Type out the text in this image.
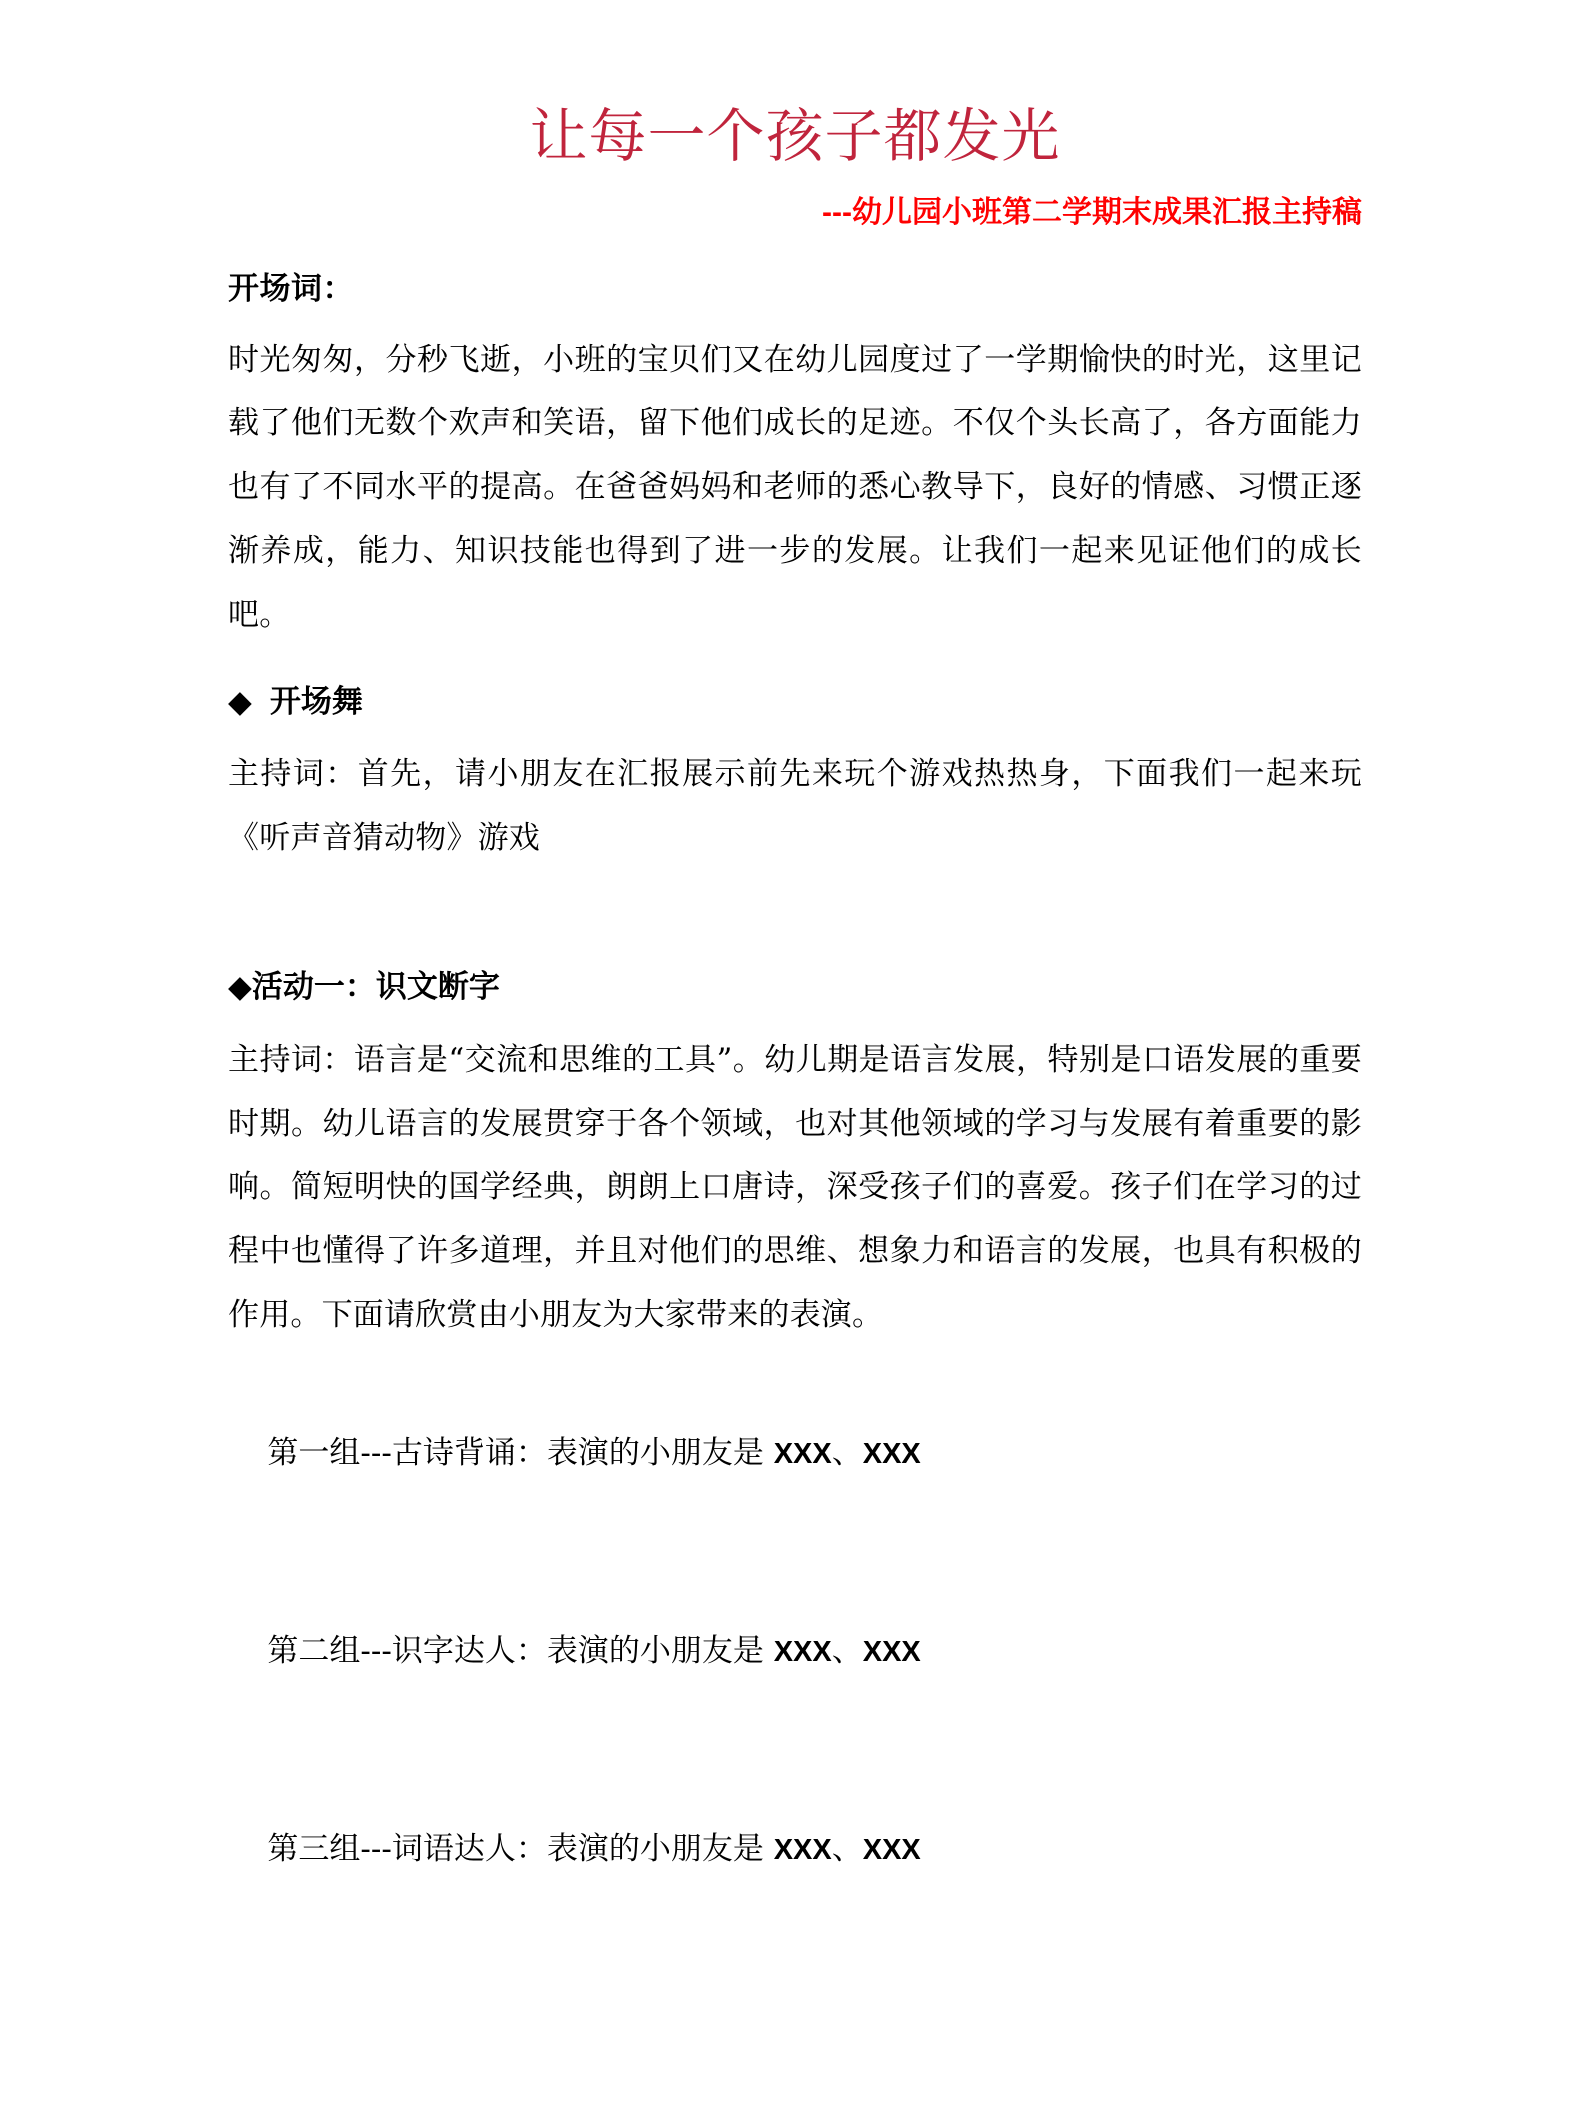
让每一个孩子都发光
---幼儿园小班第二学期末成果汇报主持稿
开场词：

时光匆匆，分秒飞逝，小班的宝贝们又在幼儿园度过了一学期愉快的时光，这里记载了他们无数个欢声和笑语，留下他们成长的足迹。不仅个头长高了，各方面能力也有了不同水平的提高。在爸爸妈妈和老师的悉心教导下，良好的情感、习惯正逐渐养成，能力、知识技能也得到了进一步的发展。让我们一起来见证他们的成长吧。

◆ 开场舞

主持词：首先，请小朋友在汇报展示前先来玩个游戏热热身，下面我们一起来玩《听声音猜动物》游戏

◆活动一：识文断字

主持词：语言是“交流和思维的工具”。幼儿期是语言发展，特别是口语发展的重要时期。幼儿语言的发展贯穿于各个领域，也对其他领域的学习与发展有着重要的影响。简短明快的国学经典，朗朗上口唐诗，深受孩子们的喜爱。孩子们在学习的过程中也懂得了许多道理，并且对他们的思维、想象力和语言的发展，也具有积极的作用。下面请欣赏由小朋友为大家带来的表演。

第一组---古诗背诵：表演的小朋友是 XXX、XXX

第二组---识字达人：表演的小朋友是 XXX、XXX

第三组---词语达人：表演的小朋友是 XXX、XXX
